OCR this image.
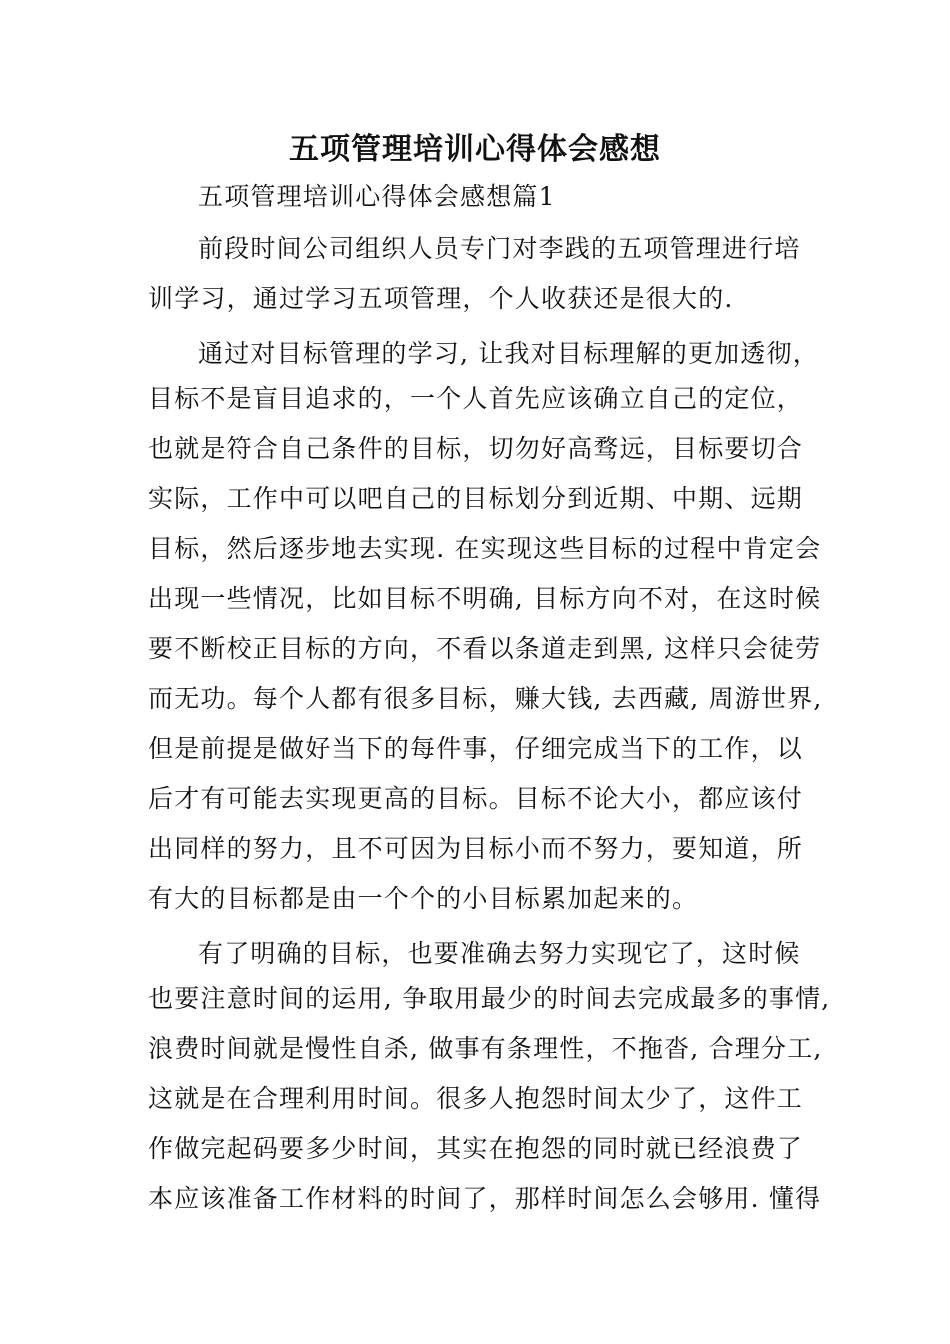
五项管理培训心得体会感想
五项管理培训心得体会感想篇1
前段时间公司组织人员专门对李践的五项管理进行培
训学习，通过学习五项管理，个人收获还是很大的.
通过对目标管理的学习, 让我对目标理解的更加透彻，
目标不是盲目追求的，一个人首先应该确立自己的定位，
也就是符合自己条件的目标，切勿好高骛远，目标要切合
实际，工作中可以吧自己的目标划分到近期、中期、远期
目标，然后逐步地去实现. 在实现这些目标的过程中肯定会
出现一些情况，比如目标不明确, 目标方向不对，在这时候
要不断校正目标的方向，不看以条道走到黑, 这样只会徒劳
而无功。每个人都有很多目标，赚大钱, 去西藏, 周游世界,
但是前提是做好当下的每件事，仔细完成当下的工作，以
后才有可能去实现更高的目标。目标不论大小，都应该付
出同样的努力，且不可因为目标小而不努力，要知道，所
有大的目标都是由一个个的小目标累加起来的。
有了明确的目标，也要准确去努力实现它了，这时候
也要注意时间的运用, 争取用最少的时间去完成最多的事情,
浪费时间就是慢性自杀, 做事有条理性，不拖沓, 合理分工,
这就是在合理利用时间。很多人抱怨时间太少了，这件工
作做完起码要多少时间，其实在抱怨的同时就已经浪费了
本应该准备工作材料的时间了，那样时间怎么会够用. 懂得
